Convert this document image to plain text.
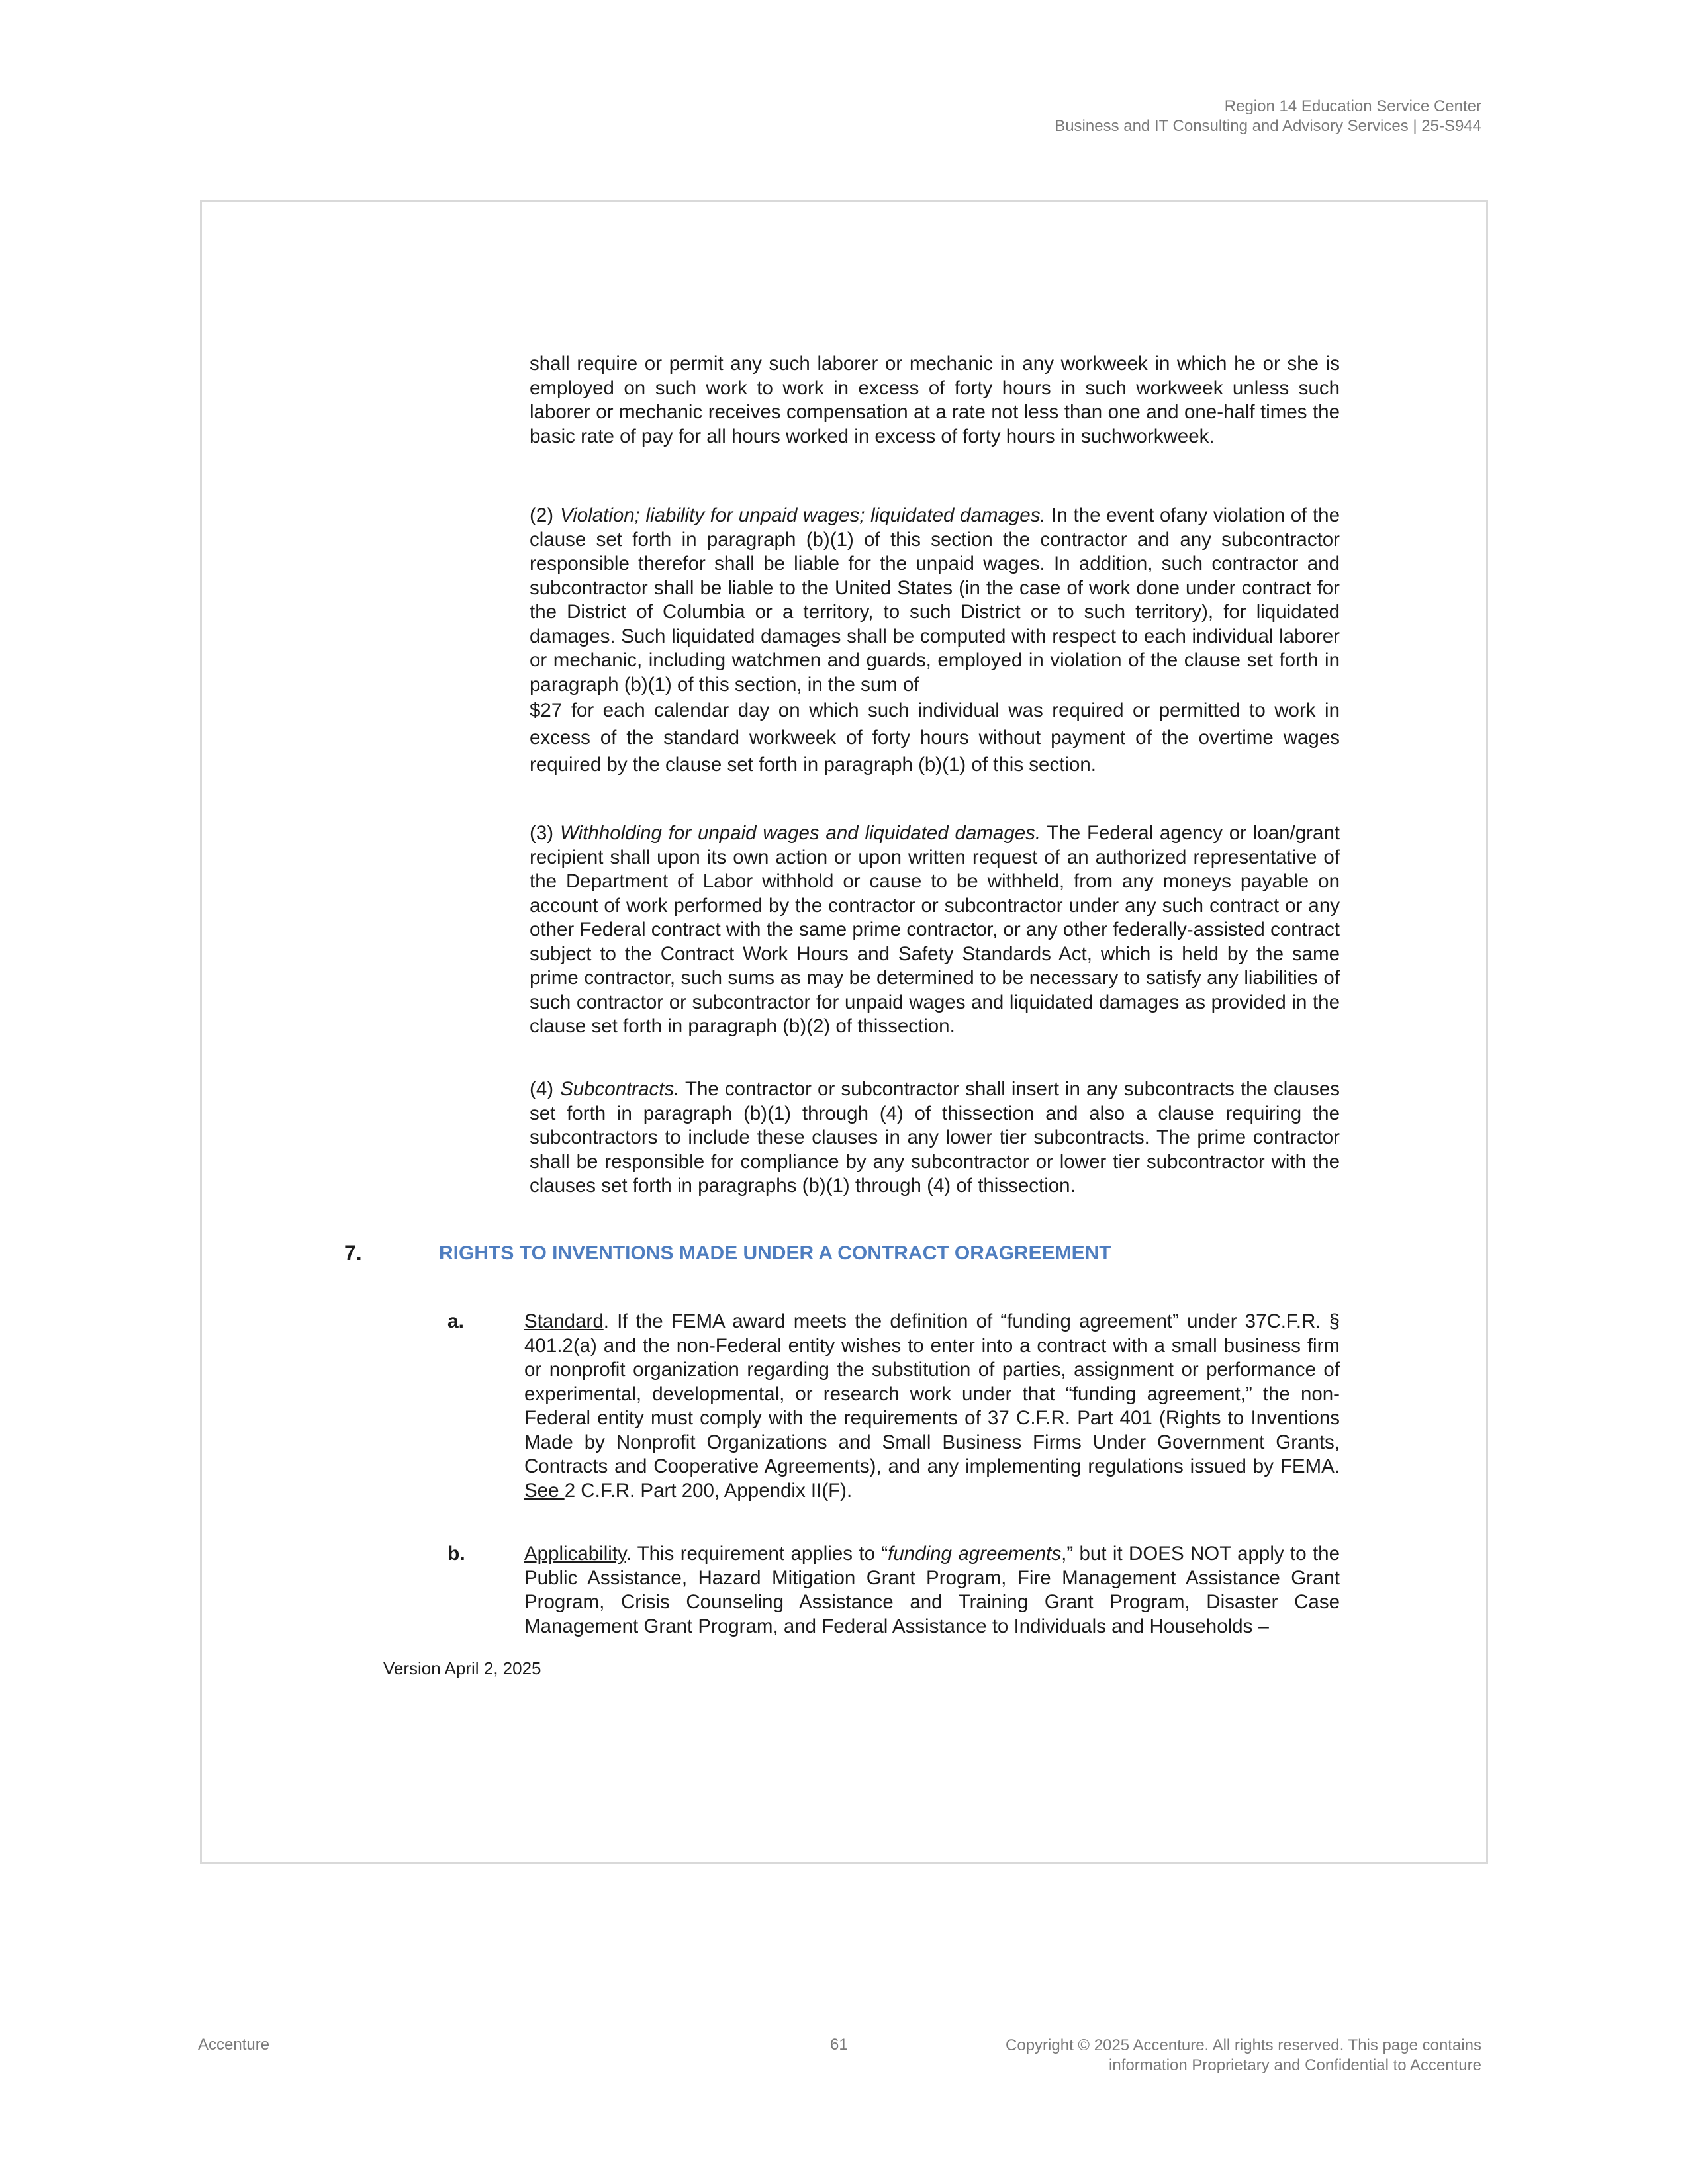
Region 14 Education Service Center
Business and IT Consulting and Advisory Services | 25-S944

shall require or permit any such laborer or mechanic in any workweek in which he or she is employed on such work to work in excess of forty hours in such workweek unless such laborer or mechanic receives compensation at a rate not less than one and one-half times the basic rate of pay for all hours worked in excess of forty hours in suchworkweek.

(2) Violation; liability for unpaid wages; liquidated damages. In the event ofany violation of the clause set forth in paragraph (b)(1) of this section the contractor and any subcontractor responsible therefor shall be liable for the unpaid wages. In addition, such contractor and subcontractor shall be liable to the United States (in the case of work done under contract for the District of Columbia or a territory, to such District or to such territory), for liquidated damages. Such liquidated damages shall be computed with respect to each individual laborer or mechanic, including watchmen and guards, employed in violation of the clause set forth in paragraph (b)(1) of this section, in the sum of

$27 for each calendar day on which such individual was required or permitted to work in excess of the standard workweek of forty hours without payment of the overtime wages required by the clause set forth in paragraph (b)(1) of this section.

(3) Withholding for unpaid wages and liquidated damages. The Federal agency or loan/grant recipient shall upon its own action or upon written request of an authorized representative of the Department of Labor withhold or cause to be withheld, from any moneys payable on account of work performed by the contractor or subcontractor under any such contract or any other Federal contract with the same prime contractor, or any other federally-assisted contract subject to the Contract Work Hours and Safety Standards Act, which is held by the same prime contractor, such sums as may be determined to be necessary to satisfy any liabilities of such contractor or subcontractor for unpaid wages and liquidated damages as provided in the clause set forth in paragraph (b)(2) of thissection.

(4) Subcontracts. The contractor or subcontractor shall insert in any subcontracts the clauses set forth in paragraph (b)(1) through (4) of thissection and also a clause requiring the subcontractors to include these clauses in any lower tier subcontracts. The prime contractor shall be responsible for compliance by any subcontractor or lower tier subcontractor with the clauses set forth in paragraphs (b)(1) through (4) of thissection.

7.	RIGHTS TO INVENTIONS MADE UNDER A CONTRACT ORAGREEMENT
a.	Standard. If the FEMA award meets the definition of “funding agreement” under 37C.F.R. § 401.2(a) and the non-Federal entity wishes to enter into a contract with a small business firm or nonprofit organization regarding the substitution of parties, assignment or performance of experimental, developmental, or research work under that “funding agreement,” the non- Federal entity must comply with the requirements of 37 C.F.R. Part 401 (Rights to Inventions Made by Nonprofit Organizations and Small Business Firms Under Government Grants, Contracts and Cooperative Agreements), and any implementing regulations issued by FEMA. See 2 C.F.R. Part 200, Appendix II(F).

b.	Applicability. This requirement applies to “funding agreements,” but it DOES NOT apply to the Public Assistance, Hazard Mitigation Grant Program, Fire Management Assistance Grant Program, Crisis Counseling Assistance and Training Grant Program, Disaster Case Management Grant Program, and Federal Assistance to Individuals and Households –

Version April 2, 2025
Accenture	61	Copyright © 2025 Accenture. All rights reserved. This page contains
information Proprietary and Confidential to Accenture
